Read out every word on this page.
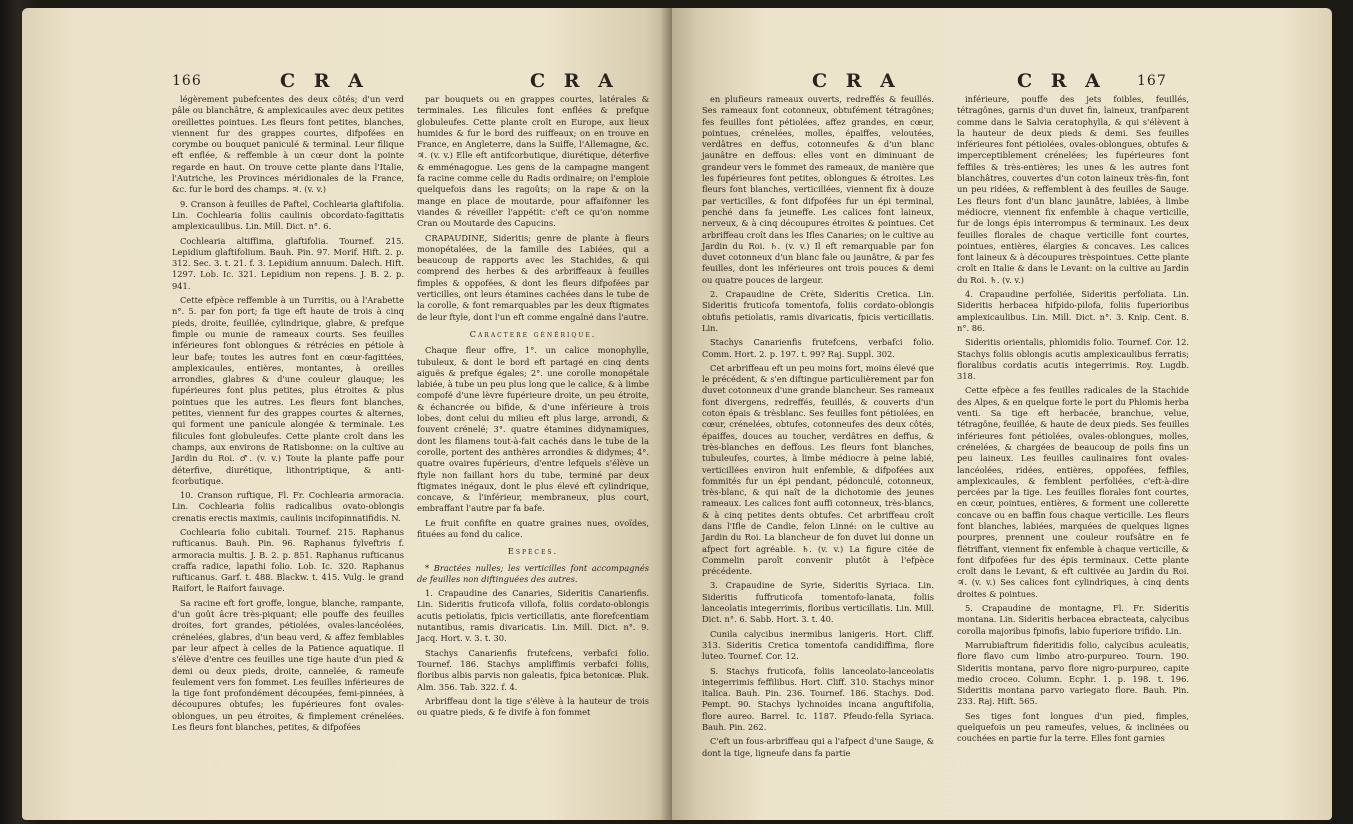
166	C R A	C R A

légèrement pubefcentes des deux côtés; d'un verd pâle ou blanchâtre, & amplexicaules avec deux petites oreillettes pointues. Les fleurs font petites, blanches, viennent fur des grappes courtes, difpofées en corymbe ou bouquet paniculé & terminal. Leur filique eft enflée, & reffemble à un cœur dont la pointe regarde en haut. On trouve cette plante dans l'Italie, l'Autriche, les Provinces méridionales de la France, &c. fur le bord des champs. ♃. (v. v.)

9. Cranson à feuilles de Paftel, Cochlearia glaftifolia. Lin. Cochlearia foliis caulinis obcordato-fagittatis amplexicaulibus. Lin. Mill. Dict. n°. 6.

Cochlearia altiffima, glaftifolia. Tournef. 215. Lepidium glaftifolium. Bauh. Pin. 97. Morif. Hift. 2. p. 312. Sec. 3. t. 21. f. 3. Lepidium annuum. Dalech. Hift. 1297. Lob. Ic. 321. Lepidium non repens. J. B. 2. p. 941.

Cette efpèce reffemble à un Turritis, ou à l'Arabette n°. 5. par fon port; fa tige eft haute de trois à cinq pieds, droite, feuillée, cylindrique, glabre, & prefque fimple ou munie de rameaux courts. Ses feuilles inférieures font oblongues & rétrécies en pétiole à leur bafe; toutes les autres font en cœur-fagittées, amplexicaules, entières, montantes, à oreilles arrondies, glabres & d'une couleur glauque; les fupérieures font plus petites, plus étroites & plus pointues que les autres. Les fleurs font blanches, petites, viennent fur des grappes courtes & alternes, qui forment une panicule alongée & terminale. Les filicules font globuleufes. Cette plante croît dans les champs, aux environs de Ratisbonne: on la cultive au Jardin du Roi. ♂. (v. v.) Toute la plante paffe pour déterfive, diurétique, lithontriptique, & anti-fcorbutique.

10. Cranson ruftique, Fl. Fr. Cochlearia armoracia. Lin. Cochlearia foliis radicalibus ovato-oblongis crenatis erectis maximis, caulinis incifopinnatifidis. N.

Cochlearia folio cubitali. Tournef. 215. Raphanus rufticanus. Bauh. Pin. 96. Raphanus fylveftris f. armoracia multis. J. B. 2. p. 851. Raphanus rufticanus craffa radice, lapathi folio. Lob. Ic. 320. Raphanus rufticanus. Garf. t. 488. Blackw. t. 415. Vulg. le grand Raifort, le Raifort fauvage.

Sa racine eft fort groffe, longue, blanche, rampante, d'un goût âcre très-piquant; elle pouffe des feuilles droites, fort grandes, pétiolées, ovales-lancéolées, crénelées, glabres, d'un beau verd, & affez femblables par leur afpect à celles de la Patience aquatique. Il s'élève d'entre ces feuilles une tige haute d'un pied & demi ou deux pieds, droite, cannelée, & rameufe feulement vers fon fommet. Les feuilles inférieures de la tige font profondément découpées, femi-pinnées, à découpures obtufes; les fupérieures font ovales-oblongues, un peu étroites, & fimplement crénelées. Les fleurs font blanches, petites, & difpofées

par bouquets ou en grappes courtes, latérales & terminales. Les filicules font enflées & prefque globuleufes. Cette plante croît en Europe, aux lieux humides & fur le bord des ruiffeaux; on en trouve en France, en Angleterre, dans la Suiffe, l'Allemagne, &c. ♃. (v. v.) Elle eft antifcorbutique, diurétique, déterfive & emménagogue. Les gens de la campagne mangent fa racine comme celle du Radis ordinaire; on l'emploie quelquefois dans les ragoûts; on la rape & on la mange en place de moutarde, pour affaifonner les viandes & réveiller l'appétit: c'eft ce qu'on nomme Cran ou Moutarde des Capucins.

CRAPAUDINE, Sideritis; genre de plante à fleurs monopétalées, de la famille des Labiées, qui a beaucoup de rapports avec les Stachides, & qui comprend des herbes & des arbriffeaux à feuilles fimples & oppofées, & dont les fleurs difpofées par verticilles, ont leurs étamines cachées dans le tube de la corolle, & font remarquables par les deux ftigmates de leur ftyle, dont l'un eft comme engaîné dans l'autre.

Caractere générique.

Chaque fleur offre, 1°. un calice monophylle, tubuleux, & dont le bord eft partagé en cinq dents aiguës & prefque égales; 2°. une corolle monopétale labiée, à tube un peu plus long que le calice, & à limbe compofé d'une lèvre fupérieure droite, un peu étroite, & échancrée ou bifide, & d'une inférieure à trois lobes, dont celui du milieu eft plus large, arrondi, & fouvent crénelé; 3°. quatre étamines didynamiques, dont les filamens tout-à-fait cachés dans le tube de la corolle, portent des anthères arrondies & didymes; 4°. quatre ovaires fupérieurs, d'entre lefquels s'élève un ftyle non faillant hors du tube, terminé par deux ftigmates inégaux, dont le plus élevé eft cylindrique, concave, & l'inférieur, membraneux, plus court, embraffant l'autre par fa bafe.

Le fruit confifte en quatre graines nues, ovoïdes, fituées au fond du calice.

Espèces.

* Bractées nulles; les verticilles font accompagnés de feuilles non diftinguées des autres.

1. Crapaudine des Canaries, Sideritis Canarienfis. Lin. Sideritis fruticofa villofa, foliis cordato-oblongis acutis petiolatis, fpicis verticillatis, ante florefcentiam nutantibus, ramis divaricatis. Lin. Mill. Dict. n°. 9. Jacq. Hort. v. 3. t. 30.

Stachys Canarienfis frutefcens, verbafci folio. Tournef. 186. Stachys ampliffimis verbafci foliis, floribus albis parvis non galeatis, fpica betonicæ. Pluk. Alm. 356. Tab. 322. f. 4.

Arbriffeau dont la tige s'élève à la hauteur de trois ou quatre pieds, & fe divife à fon fommet

C R A	C R A 167

en plufieurs rameaux ouverts, redreffés & feuillés. Ses rameaux font cotonneux, obtufément tétragônes; fes feuilles font pétiolées, affez grandes, en cœur, pointues, crénelées, molles, épaiffes, veloutées, verdâtres en deffus, cotonneufes & d'un blanc jaunâtre en deffous: elles vont en diminuant de grandeur vers le fommet des rameaux, de manière que les fupérieures font petites, oblongues & étroites. Les fleurs font blanches, verticillées, viennent fix à douze par verticilles, & font difpofées fur un épi terminal, penché dans fa jeuneffe. Les calices font laineux, nerveux, & à cinq découpures étroites & pointues. Cet arbriffeau croît dans les Ifles Canaries; on le cultive au Jardin du Roi. ♄. (v. v.) Il eft remarquable par fon duvet cotonneux d'un blanc fale ou jaunâtre, & par fes feuilles, dont les inférieures ont trois pouces & demi ou quatre pouces de largeur.

2. Crapaudine de Crète, Sideritis Cretica. Lin. Sideritis fruticofa tomentofa, foliis cordato-oblongis obtufis petiolatis, ramis divaricatis, fpicis verticillatis. Lin.

Stachys Canarienfis frutefcens, verbafci folio. Comm. Hort. 2. p. 197. t. 99? Raj. Suppl. 302.

Cet arbriffeau eft un peu moins fort, moins élevé que le précédent, & s'en diftingue particulièrement par fon duvet cotonneux d'une grande blancheur. Ses rameaux font divergens, redreffés, feuillés, & couverts d'un coton épais & trèsblanc. Ses feuilles font pétiolées, en cœur, crénelées, obtufes, cotonneufes des deux côtés, épaiffes, douces au toucher, verdâtres en deffus, & très-blanches en deffous. Les fleurs font blanches, tubuleufes, courtes, à limbe médiocre à peine labié, verticillées environ huit enfemble, & difpofées aux fommités fur un épi pendant, pédonculé, cotonneux, très-blanc, & qui naît de la dichotomie des jeunes rameaux. Les calices font auffi cotonneux, très-blancs, & à cinq petites dents obtufes. Cet arbriffeau croît dans l'Ifle de Candie, felon Linné: on le cultive au Jardin du Roi. La blancheur de fon duvet lui donne un afpect fort agréable. ♄. (v. v.) La figure citée de Commelin paroît convenir plutôt à l'efpèce précédente.

3. Crapaudine de Syrie, Sideritis Syriaca. Lin. Sideritis fuffruticofa tomentofo-lanata, foliis lanceolatis integerrimis, floribus verticillatis. Lin. Mill. Dict. n°. 6. Sabb. Hort. 3. t. 40.

Cunila calycibus inermibus lanigeris. Hort. Cliff. 313. Sideritis Cretica tomentofa candidiffima, flore luteo. Tournef. Cor. 12.

S. Stachys fruticofa, foliis lanceolato-lanceolatis integerrimis feffilibus. Hort. Cliff. 310. Stachys minor italica. Bauh. Pin. 236. Tournef. 186. Stachys. Dod. Pempt. 90. Stachys lychnoides incana anguftifolia, flore aureo. Barrel. Ic. 1187. Pfeudo-fella Syriaca. Bauh. Pin. 262.

C'eft un fous-arbriffeau qui a l'afpect d'une Sauge, & dont la tige, ligneufe dans fa partie

inférieure, pouffe des jets foibles, feuillés, tétragônes, garnis d'un duvet fin, laineux, tranfparent comme dans le Salvia ceratophylla, & qui s'élèvent à la hauteur de deux pieds & demi. Ses feuilles inférieures font pétiolées, ovales-oblongues, obtufes & imperceptiblement crénelées; les fupérieures font feffiles & très-entières; les unes & les autres font blanchâtres, couvertes d'un coton laineux très-fin, font un peu ridées, & reffemblent à des feuilles de Sauge. Les fleurs font d'un blanc jaunâtre, labiées, à limbe médiocre, viennent fix enfemble à chaque verticille, fur de longs épis interrompus & terminaux. Les deux feuilles florales de chaque verticille font courtes, pointues, entières, élargies & concaves. Les calices font laineux & à découpures trèspointues. Cette plante croît en Italie & dans le Levant: on la cultive au Jardin du Roi. ♄. (v. v.)

4. Crapaudine perfoliée, Sideritis perfoliata. Lin. Sideritis herbacea hifpido-pilofa, foliis fuperioribus amplexicaulibus. Lin. Mill. Dict. n°. 3. Knip. Cent. 8. n°. 86.

Sideritis orientalis, phlomidis folio. Tournef. Cor. 12. Stachys foliis oblongis acutis amplexicaulibus ferratis; floralibus cordatis acutis integerrimis. Roy. Lugdb. 318.

Cette efpèce a fes feuilles radicales de la Stachide des Alpes, & en quelque forte le port du Phlomis herba venti. Sa tige eft herbacée, branchue, velue, tétragône, feuillée, & haute de deux pieds. Ses feuilles inférieures font pétiolées, ovales-oblongues, molles, crénelées, & chargées de beaucoup de poils fins un peu laineux. Les feuilles caulinaires font ovales-lancéolées, ridées, entières, oppofées, feffiles, amplexicaules, & femblent perfoliées, c'eft-à-dire percées par la tige. Les feuilles florales font courtes, en cœur, pointues, entières, & forment une collerette concave ou en baffin fous chaque verticille. Les fleurs font blanches, labiées, marquées de quelques lignes pourpres, prennent une couleur roufsâtre en fe flétriffant, viennent fix enfemble à chaque verticille, & font difpofées fur des épis terminaux. Cette plante croît dans le Levant, & eft cultivée au Jardin du Roi. ♃. (v. v.) Ses calices font cylindriques, à cinq dents droites & pointues.

5. Crapaudine de montagne, Fl. Fr. Sideritis montana. Lin. Sideritis herbacea ebracteata, calycibus corolla majoribus fpinofis, labio fuperiore trifido. Lin.

Marrubiaftrum fideritidis folio, calycibus aculeatis, flore flavo cum limbo atro-purpureo. Tourn. 190. Sideritis montana, parvo flore nigro-purpureo, capite medio croceo. Column. Ecphr. 1. p. 198. t. 196. Sideritis montana parvo variegato flore. Bauh. Pin. 233. Raj. Hift. 565.

Ses tiges font longues d'un pied, fimples, quelquefois un peu rameufes, velues, & inclinées ou couchées en partie fur la terre. Elles font garnies
